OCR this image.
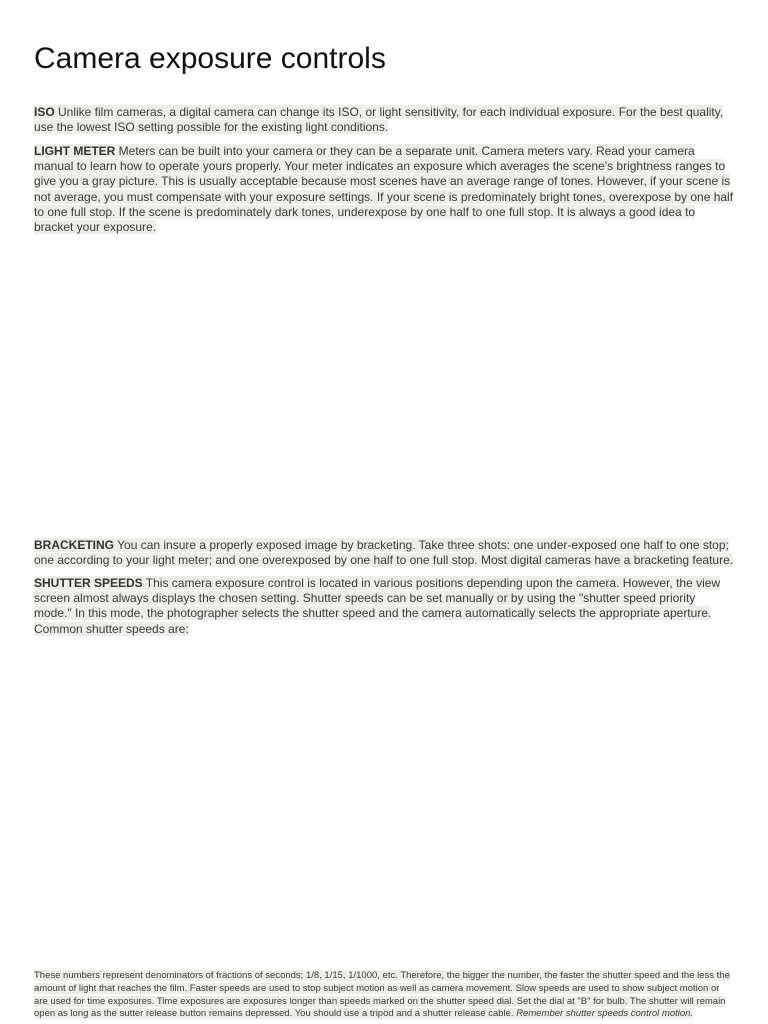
Camera exposure controls

ISO Unlike film cameras, a digital camera can change its ISO, or light sensitivity, for each individual exposure. For the best quality, use the lowest ISO setting possible for the existing light conditions.

LIGHT METER Meters can be built into your camera or they can be a separate unit. Camera meters vary. Read your camera manual to learn how to operate yours properly. Your meter indicates an exposure which averages the scene's brightness ranges to give you a gray picture. This is usually acceptable because most scenes have an average range of tones. However, if your scene is not average, you must compensate with your exposure settings. If your scene is predominately bright tones, overexpose by one half to one full stop. If the scene is predominately dark tones, underexpose by one half to one full stop. It is always a good idea to bracket your exposure.

BRACKETING You can insure a properly exposed image by bracketing. Take three shots: one under-exposed one half to one stop; one according to your light meter; and one overexposed by one half to one full stop. Most digital cameras have a bracketing feature.

SHUTTER SPEEDS This camera exposure control is located in various positions depending upon the camera. However, the view screen almost always displays the chosen setting. Shutter speeds can be set manually or by using the "shutter speed priority mode." In this mode, the photographer selects the shutter speed and the camera automatically selects the appropriate aperture. Common shutter speeds are:

These numbers represent denominators of fractions of seconds; 1/8, 1/15, 1/1000, etc. Therefore, the bigger the number, the faster the shutter speed and the less the amount of light that reaches the film. Faster speeds are used to stop subject motion as well as camera movement. Slow speeds are used to show subject motion or are used for time exposures. Time exposures are exposures longer than speeds marked on the shutter speed dial. Set the dial at "B" for bulb. The shutter will remain open as long as the sutter release button remains depressed. You should use a tripod and a shutter release cable. Remember shutter speeds control motion.
